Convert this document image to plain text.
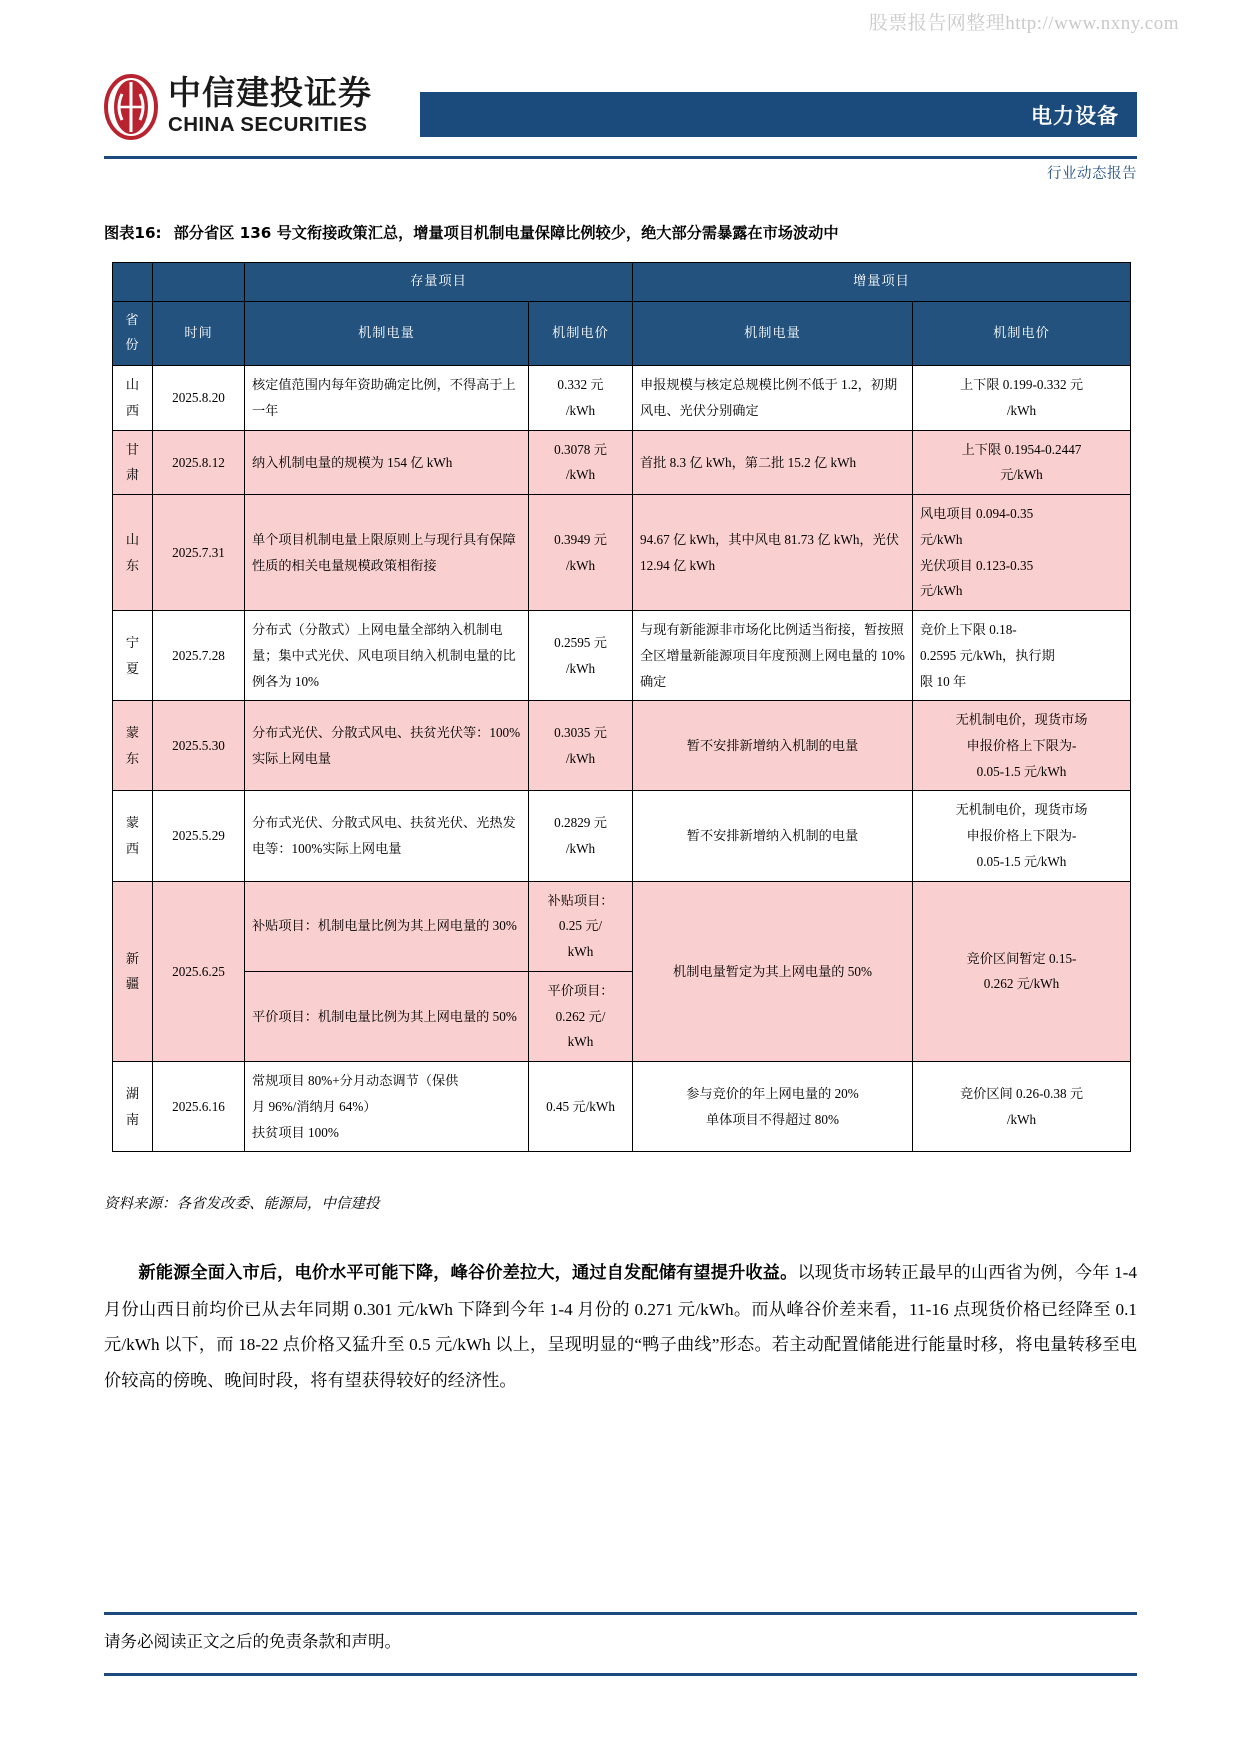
股票报告网整理http://www.nxny.com
中信建投证券
CHINA SECURITIES	电力设备
行业动态报告
图表16: 部分省区 136 号文衔接政策汇总，增量项目机制电量保障比例较少，绝大部分需暴露在市场波动中
		存量项目		增量项目	
省份	时间	机制电量	机制电价	机制电量	机制电价
山西	2025.8.20	核定值范围内每年资助确定比例，不得高于上一年	0.332 元
/kWh	申报规模与核定总规模比例不低于 1.2，初期风电、光伏分别确定	上下限 0.199-0.332 元
/kWh

甘肃	2025.8.12	纳入机制电量的规模为 154 亿 kWh	0.3078 元
/kWh	首批 8.3 亿 kWh，第二批 15.2 亿 kWh	上下限 0.1954-0.2447
元/kWh

山东	2025.7.31	单个项目机制电量上限原则上与现行具有保障性质的相关电量规模政策相衔接	0.3949 元
/kWh	94.67 亿 kWh，其中风电 81.73 亿 kWh，光伏 12.94 亿 kWh	风电项目 0.094-0.35
元/kWh
光伏项目 0.123-0.35
元/kWh

宁夏	2025.7.28	分布式（分散式）上网电量全部纳入机制电量；集中式光伏、风电项目纳入机制电量的比例各为 10%	0.2595 元
/kWh	与现有新能源非市场化比例适当衔接，暂按照全区增量新能源项目年度预测上网电量的 10%确定	竞价上下限 0.18-
0.2595 元/kWh，执行期
限 10 年

蒙东	2025.5.30	分布式光伏、分散式风电、扶贫光伏等：100%实际上网电量	0.3035 元
/kWh	暂不安排新增纳入机制的电量	无机制电价，现货市场
申报价格上下限为-
0.05-1.5 元/kWh

蒙西	2025.5.29	分布式光伏、分散式风电、扶贫光伏、光热发电等：100%实际上网电量	0.2829 元
/kWh	暂不安排新增纳入机制的电量	无机制电价，现货市场
申报价格上下限为-
0.05-1.5 元/kWh

新疆	2025.6.25	补贴项目：机制电量比例为其上网电量的 30%	补贴项目：
0.25 元/
kWh	机制电量暂定为其上网电量的 50%	竞价区间暂定 0.15-
0.262 元/kWh

		平价项目：机制电量比例为其上网电量的 50%	平价项目：
0.262 元/
kWh		

湖南	2025.6.16	常规项目 80%+分月动态调节（保供
月 96%/消纳月 64%）
扶贫项目 100%	0.45 元/kWh	参与竞价的年上网电量的 20%
单体项目不得超过 80%	竞价区间 0.26-0.38 元
/kWh
资料来源：各省发改委、能源局，中信建投

新能源全面入市后，电价水平可能下降，峰谷价差拉大，通过自发配储有望提升收益。以现货市场转正最早的山西省为例，今年 1-4 月份山西日前均价已从去年同期 0.301 元/kWh 下降到今年 1-4 月份的 0.271 元/kWh。而从峰谷价差来看，11-16 点现货价格已经降至 0.1 元/kWh 以下，而 18-22 点价格又猛升至 0.5 元/kWh 以上，呈现明显的“鸭子曲线”形态。若主动配置储能进行能量时移，将电量转移至电价较高的傍晚、晚间时段，将有望获得较好的经济性。

请务必阅读正文之后的免责条款和声明。
